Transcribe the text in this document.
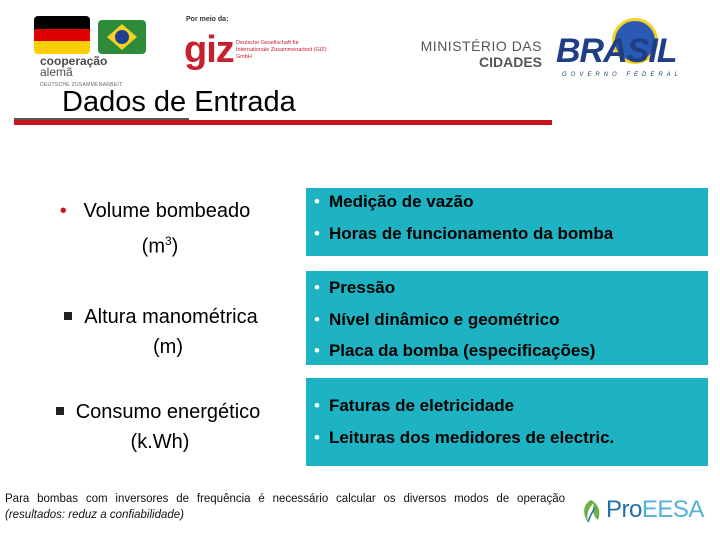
cooperação
alemã
DEUTSCHE ZUSAMMENARBEIT
Por meio da:
giz Deutsche Gesellschaft für Internationale Zusammenarbeit (GIZ) GmbH
MINISTÉRIO DAS
CIDADES BRASIL
GOVERNO FEDERAL
Dados de Entrada
• Volume bombeado
$(m^3)$
Altura manométrica
(m)
Consumo energético
(k.Wh)
• Medição de vazão
• Horas de funcionamento da bomba
• Pressão
• Nível dinâmico e geométrico
• Placa da bomba (especificações)
• Faturas de eletricidade
• Leituras dos medidores de electric.
Para bombas com inversores de frequência é necessário calcular os diversos modos de operação (resultados: reduz a confiabilidade)	ProEESA
